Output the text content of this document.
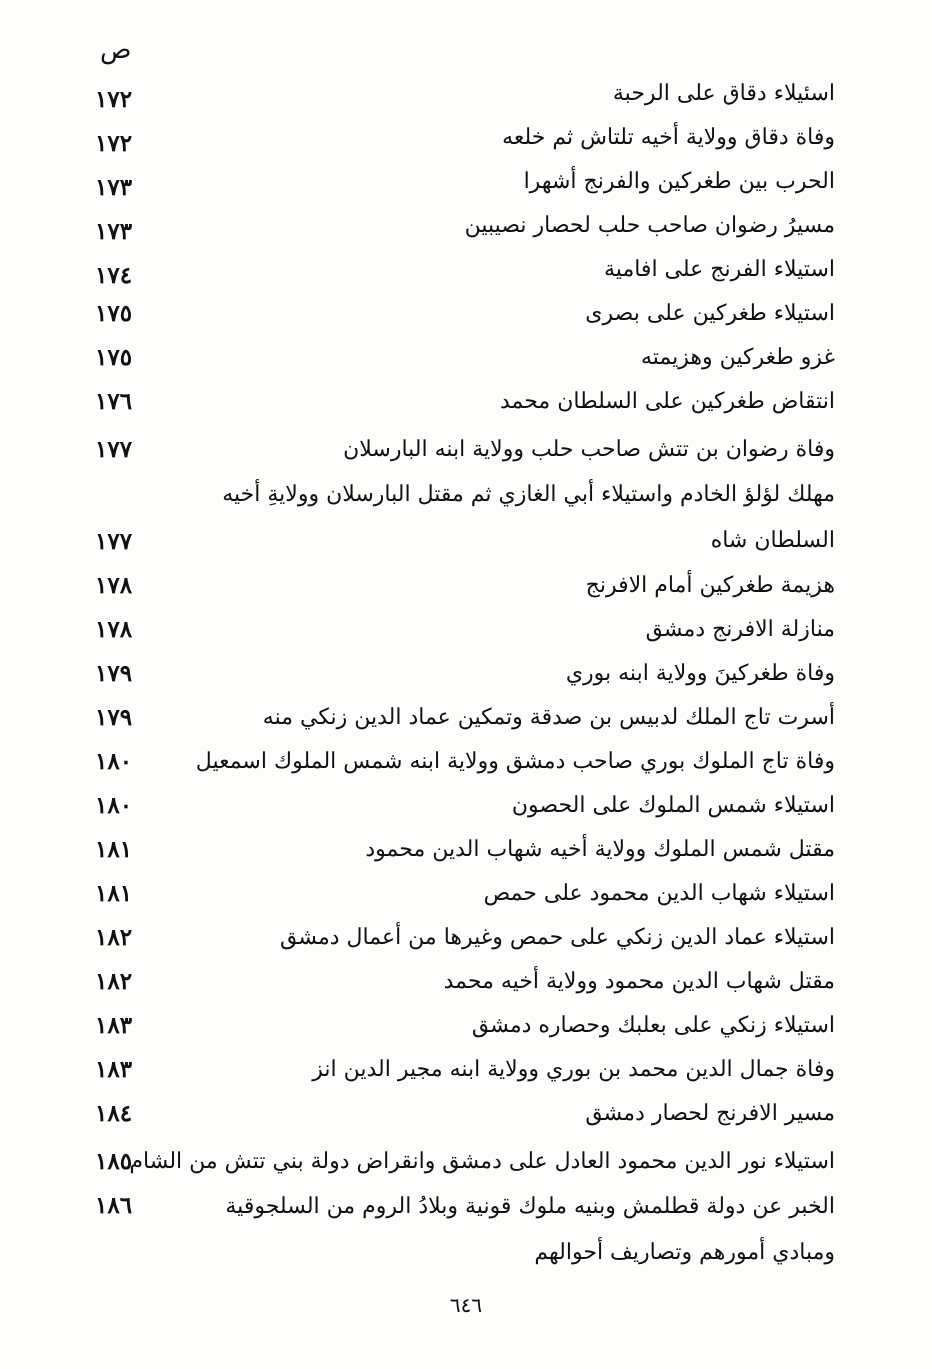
ص
اسئيلاء دقاق على الرحبة
١٧٢
وفاة دقاق وولاية أخيه تلتاش ثم خلعه
١٧٢
الحرب بين طغركين والفرنج أشهرا
١٧٣
مسيرُ رضوان صاحب حلب لحصار نصيبين
١٧٣
استيلاء الفرنج على افامية
١٧٤
استيلاء طغركين على بصرى
١٧٥
غزو طغركين وهزيمته
١٧٥
انتقاض طغركين على السلطان محمد
١٧٦
وفاة رضوان بن تتش صاحب حلب وولاية ابنه البارسلان
١٧٧
مهلك لؤلؤ الخادم واستيلاء أبي الغازي ثم مقتل البارسلان وولايةِ أخيه السلطان شاه
١٧٧
هزيمة طغركين أمام الافرنج
١٧٨
منازلة الافرنج دمشق
١٧٨
وفاة طغركينَ وولاية ابنه بوري
١٧٩
أسرت تاج الملك لدبيس بن صدقة وتمكين عماد الدين زنكي منه
١٧٩
وفاة تاج الملوك بوري صاحب دمشق وولاية ابنه شمس الملوك اسمعيل
١٨٠
استيلاء شمس الملوك على الحصون
١٨٠
مقتل شمس الملوك وولاية أخيه شهاب الدين محمود
١٨١
استيلاء شهاب الدين محمود على حمص
١٨١
استيلاء عماد الدين زنكي على حمص وغيرها من أعمال دمشق
١٨٢
مقتل شهاب الدين محمود وولاية أخيه محمد
١٨٢
استيلاء زنكي على بعلبك وحصاره دمشق
١٨٣
وفاة جمال الدين محمد بن بوري وولاية ابنه مجير الدين انز
١٨٣
مسير الافرنج لحصار دمشق
١٨٤
استيلاء نور الدين محمود العادل على دمشق وانقراض دولة بني تتش من الشام
١٨٥
الخبر عن دولة قطلمش وبنيه ملوك قونية وبلادُ الروم من السلجوقية ومبادي أمورهم وتصاريف أحوالهم
١٨٦
٦٤٦
